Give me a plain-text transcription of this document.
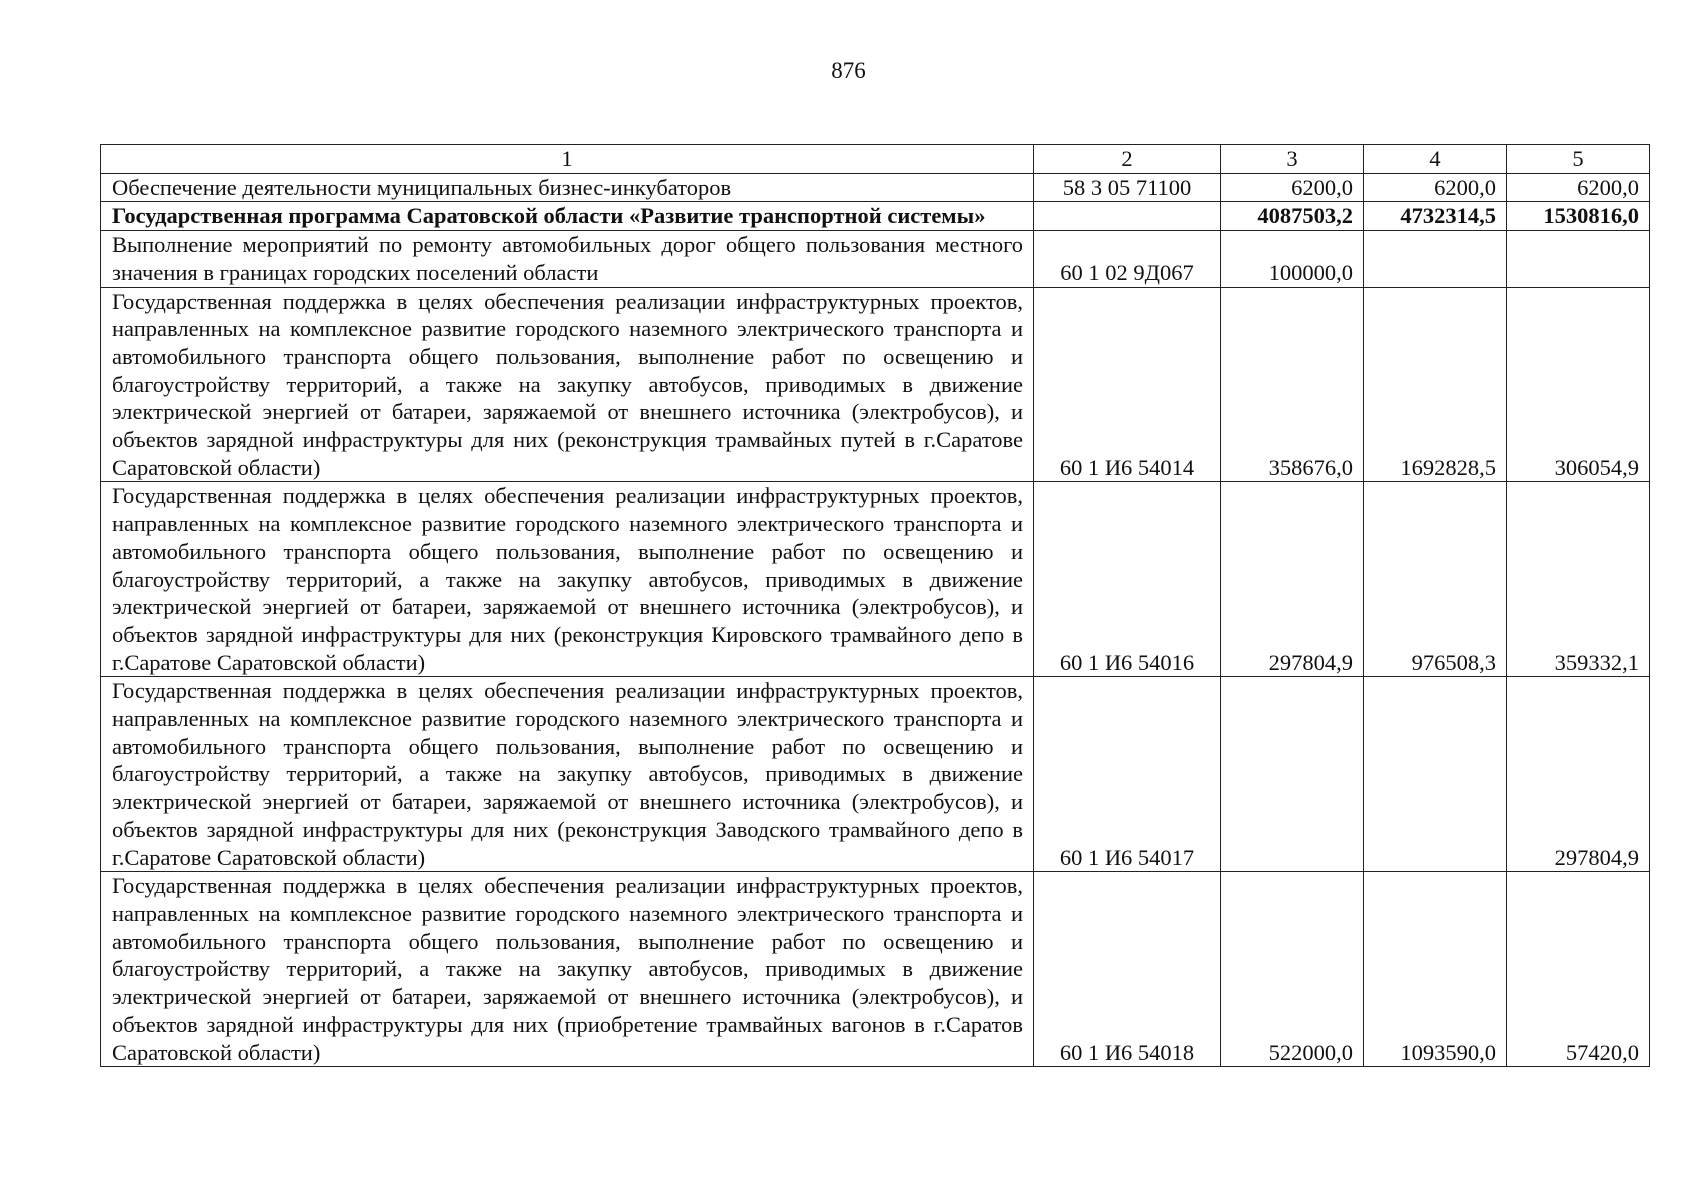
876
1	2	3	4	5
Обеспечение деятельности муниципальных бизнес-инкубаторов	58 3 05 71100	6200,0	6200,0	6200,0
Государственная программа Саратовской области «Развитие транспортной системы»		4087503,2	4732314,5	1530816,0
Выполнение мероприятий по ремонту автомобильных дорог общего пользования местного значения в границах городских поселений области	60 1 02 9Д067	100000,0		
Государственная поддержка в целях обеспечения реализации инфраструктурных проектов, направленных на комплексное развитие городского наземного электрического транспорта и автомобильного транспорта общего пользования, выполнение работ по освещению и благоустройству территорий, а также на закупку автобусов, приводимых в движение электрической энергией от батареи, заряжаемой от внешнего источника (электробусов), и объектов зарядной инфраструктуры для них (реконструкция трамвайных путей в г.Саратове Саратовской области)	60 1 И6 54014	358676,0	1692828,5	306054,9
Государственная поддержка в целях обеспечения реализации инфраструктурных проектов, направленных на комплексное развитие городского наземного электрического транспорта и автомобильного транспорта общего пользования, выполнение работ по освещению и благоустройству территорий, а также на закупку автобусов, приводимых в движение электрической энергией от батареи, заряжаемой от внешнего источника (электробусов), и объектов зарядной инфраструктуры для них (реконструкция Кировского трамвайного депо в г.Саратове Саратовской области)	60 1 И6 54016	297804,9	976508,3	359332,1
Государственная поддержка в целях обеспечения реализации инфраструктурных проектов, направленных на комплексное развитие городского наземного электрического транспорта и автомобильного транспорта общего пользования, выполнение работ по освещению и благоустройству территорий, а также на закупку автобусов, приводимых в движение электрической энергией от батареи, заряжаемой от внешнего источника (электробусов), и объектов зарядной инфраструктуры для них (реконструкция Заводского трамвайного депо в г.Саратове Саратовской области)	60 1 И6 54017			297804,9
Государственная поддержка в целях обеспечения реализации инфраструктурных проектов, направленных на комплексное развитие городского наземного электрического транспорта и автомобильного транспорта общего пользования, выполнение работ по освещению и благоустройству территорий, а также на закупку автобусов, приводимых в движение электрической энергией от батареи, заряжаемой от внешнего источника (электробусов), и объектов зарядной инфраструктуры для них (приобретение трамвайных вагонов в г.Саратов Саратовской области)	60 1 И6 54018	522000,0	1093590,0	57420,0
